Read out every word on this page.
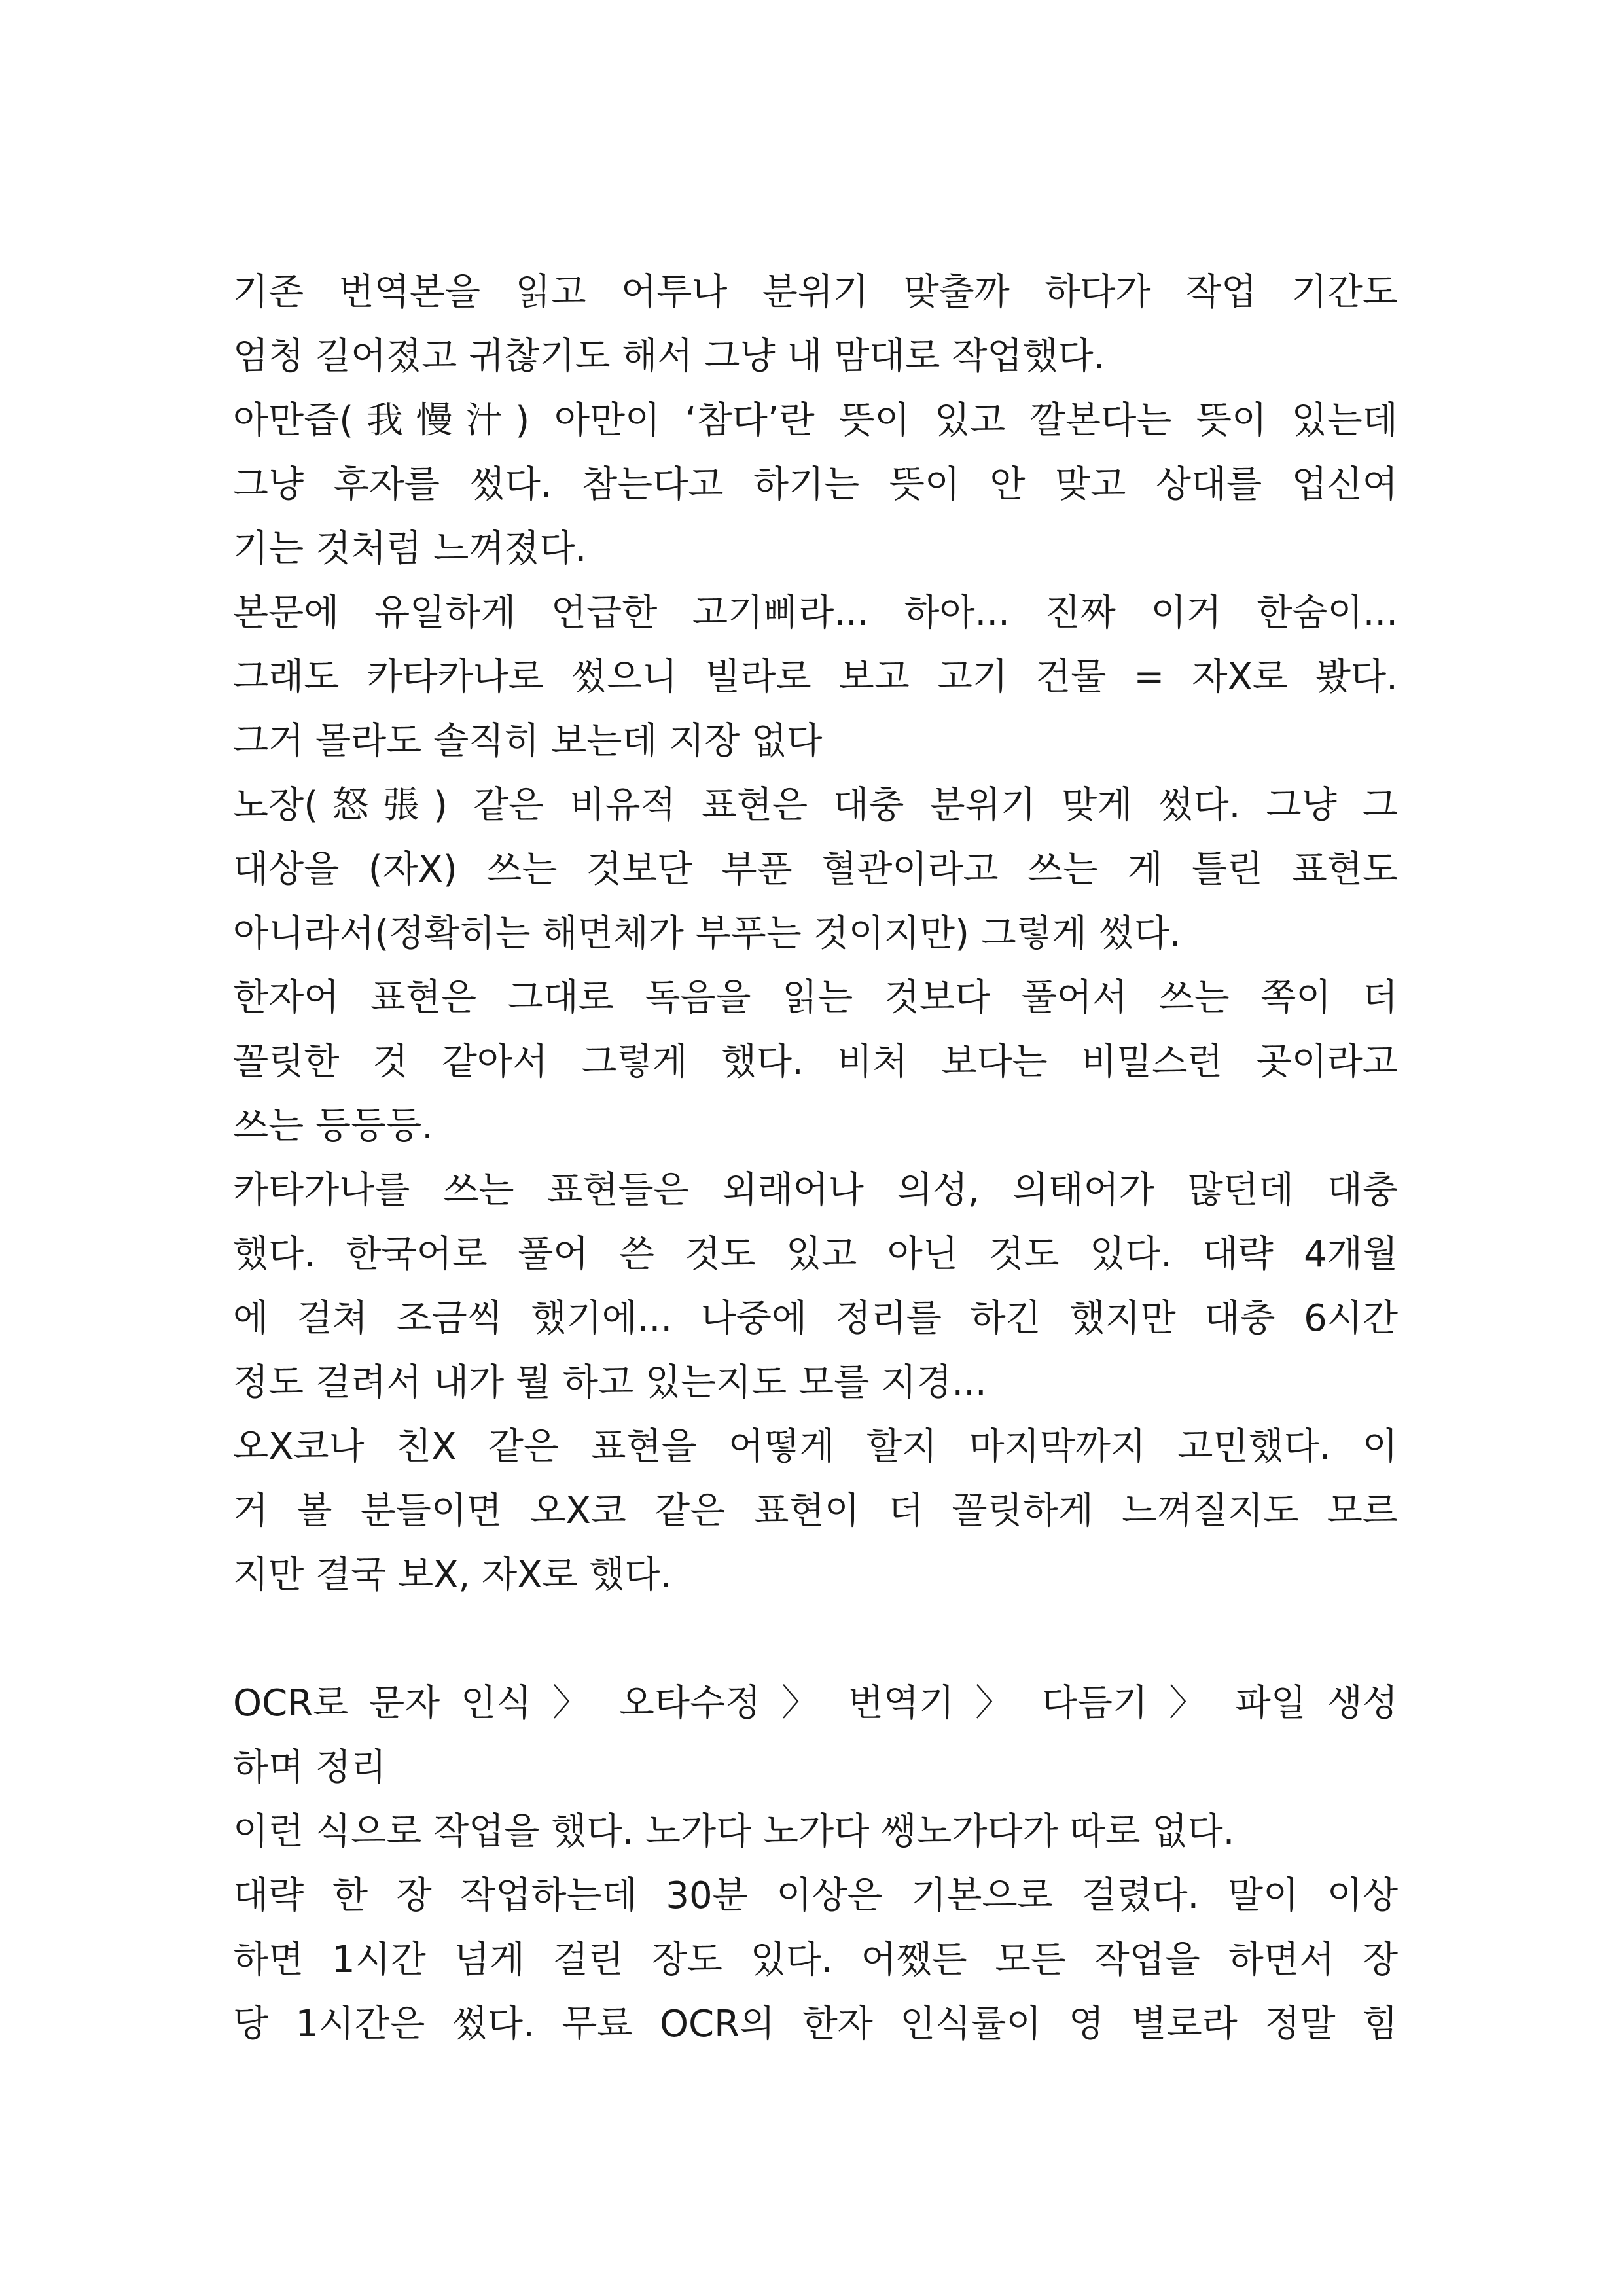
기존 번역본을 읽고 어투나 분위기 맞출까 하다가 작업 기간도
엄청 길어졌고 귀찮기도 해서 그냥 내 맘대로 작업했다.
아만즙(我慢汁) 아만이 ‘참다’란 뜻이 있고 깔본다는 뜻이 있는데
그냥 후자를 썼다. 참는다고 하기는 뜻이 안 맞고 상대를 업신여
기는 것처럼 느껴졌다.
본문에 유일하게 언급한 고기삐라... 하아... 진짜 이거 한숨이...
그래도 카타카나로 썼으니 빌라로 보고 고기 건물 = 자X로 봤다.
그거 몰라도 솔직히 보는데 지장 없다
노장(怒張) 같은 비유적 표현은 대충 분위기 맞게 썼다. 그냥 그
대상을 (자X) 쓰는 것보단 부푼 혈관이라고 쓰는 게 틀린 표현도
아니라서(정확히는 해면체가 부푸는 것이지만) 그렇게 썼다.
한자어 표현은 그대로 독음을 읽는 것보다 풀어서 쓰는 쪽이 더
꼴릿한 것 같아서 그렇게 했다. 비처 보다는 비밀스런 곳이라고
쓰는 등등등.
카타가나를 쓰는 표현들은 외래어나 의성, 의태어가 많던데 대충
했다. 한국어로 풀어 쓴 것도 있고 아닌 것도 있다. 대략 4개월
에 걸쳐 조금씩 했기에... 나중에 정리를 하긴 했지만 대충 6시간
정도 걸려서 내가 뭘 하고 있는지도 모를 지경...
오X코나 친X 같은 표현을 어떻게 할지 마지막까지 고민했다. 이
거 볼 분들이면 오X코 같은 표현이 더 꼴릿하게 느껴질지도 모르
지만 결국 보X, 자X로 했다.
OCR로 문자 인식 〉 오타수정 〉 번역기 〉 다듬기 〉 파일 생성
하며 정리
이런 식으로 작업을 했다. 노가다 노가다 쌩노가다가 따로 없다.
대략 한 장 작업하는데 30분 이상은 기본으로 걸렸다. 말이 이상
하면 1시간 넘게 걸린 장도 있다. 어쨌든 모든 작업을 하면서 장
당 1시간은 썼다. 무료 OCR의 한자 인식률이 영 별로라 정말 힘
